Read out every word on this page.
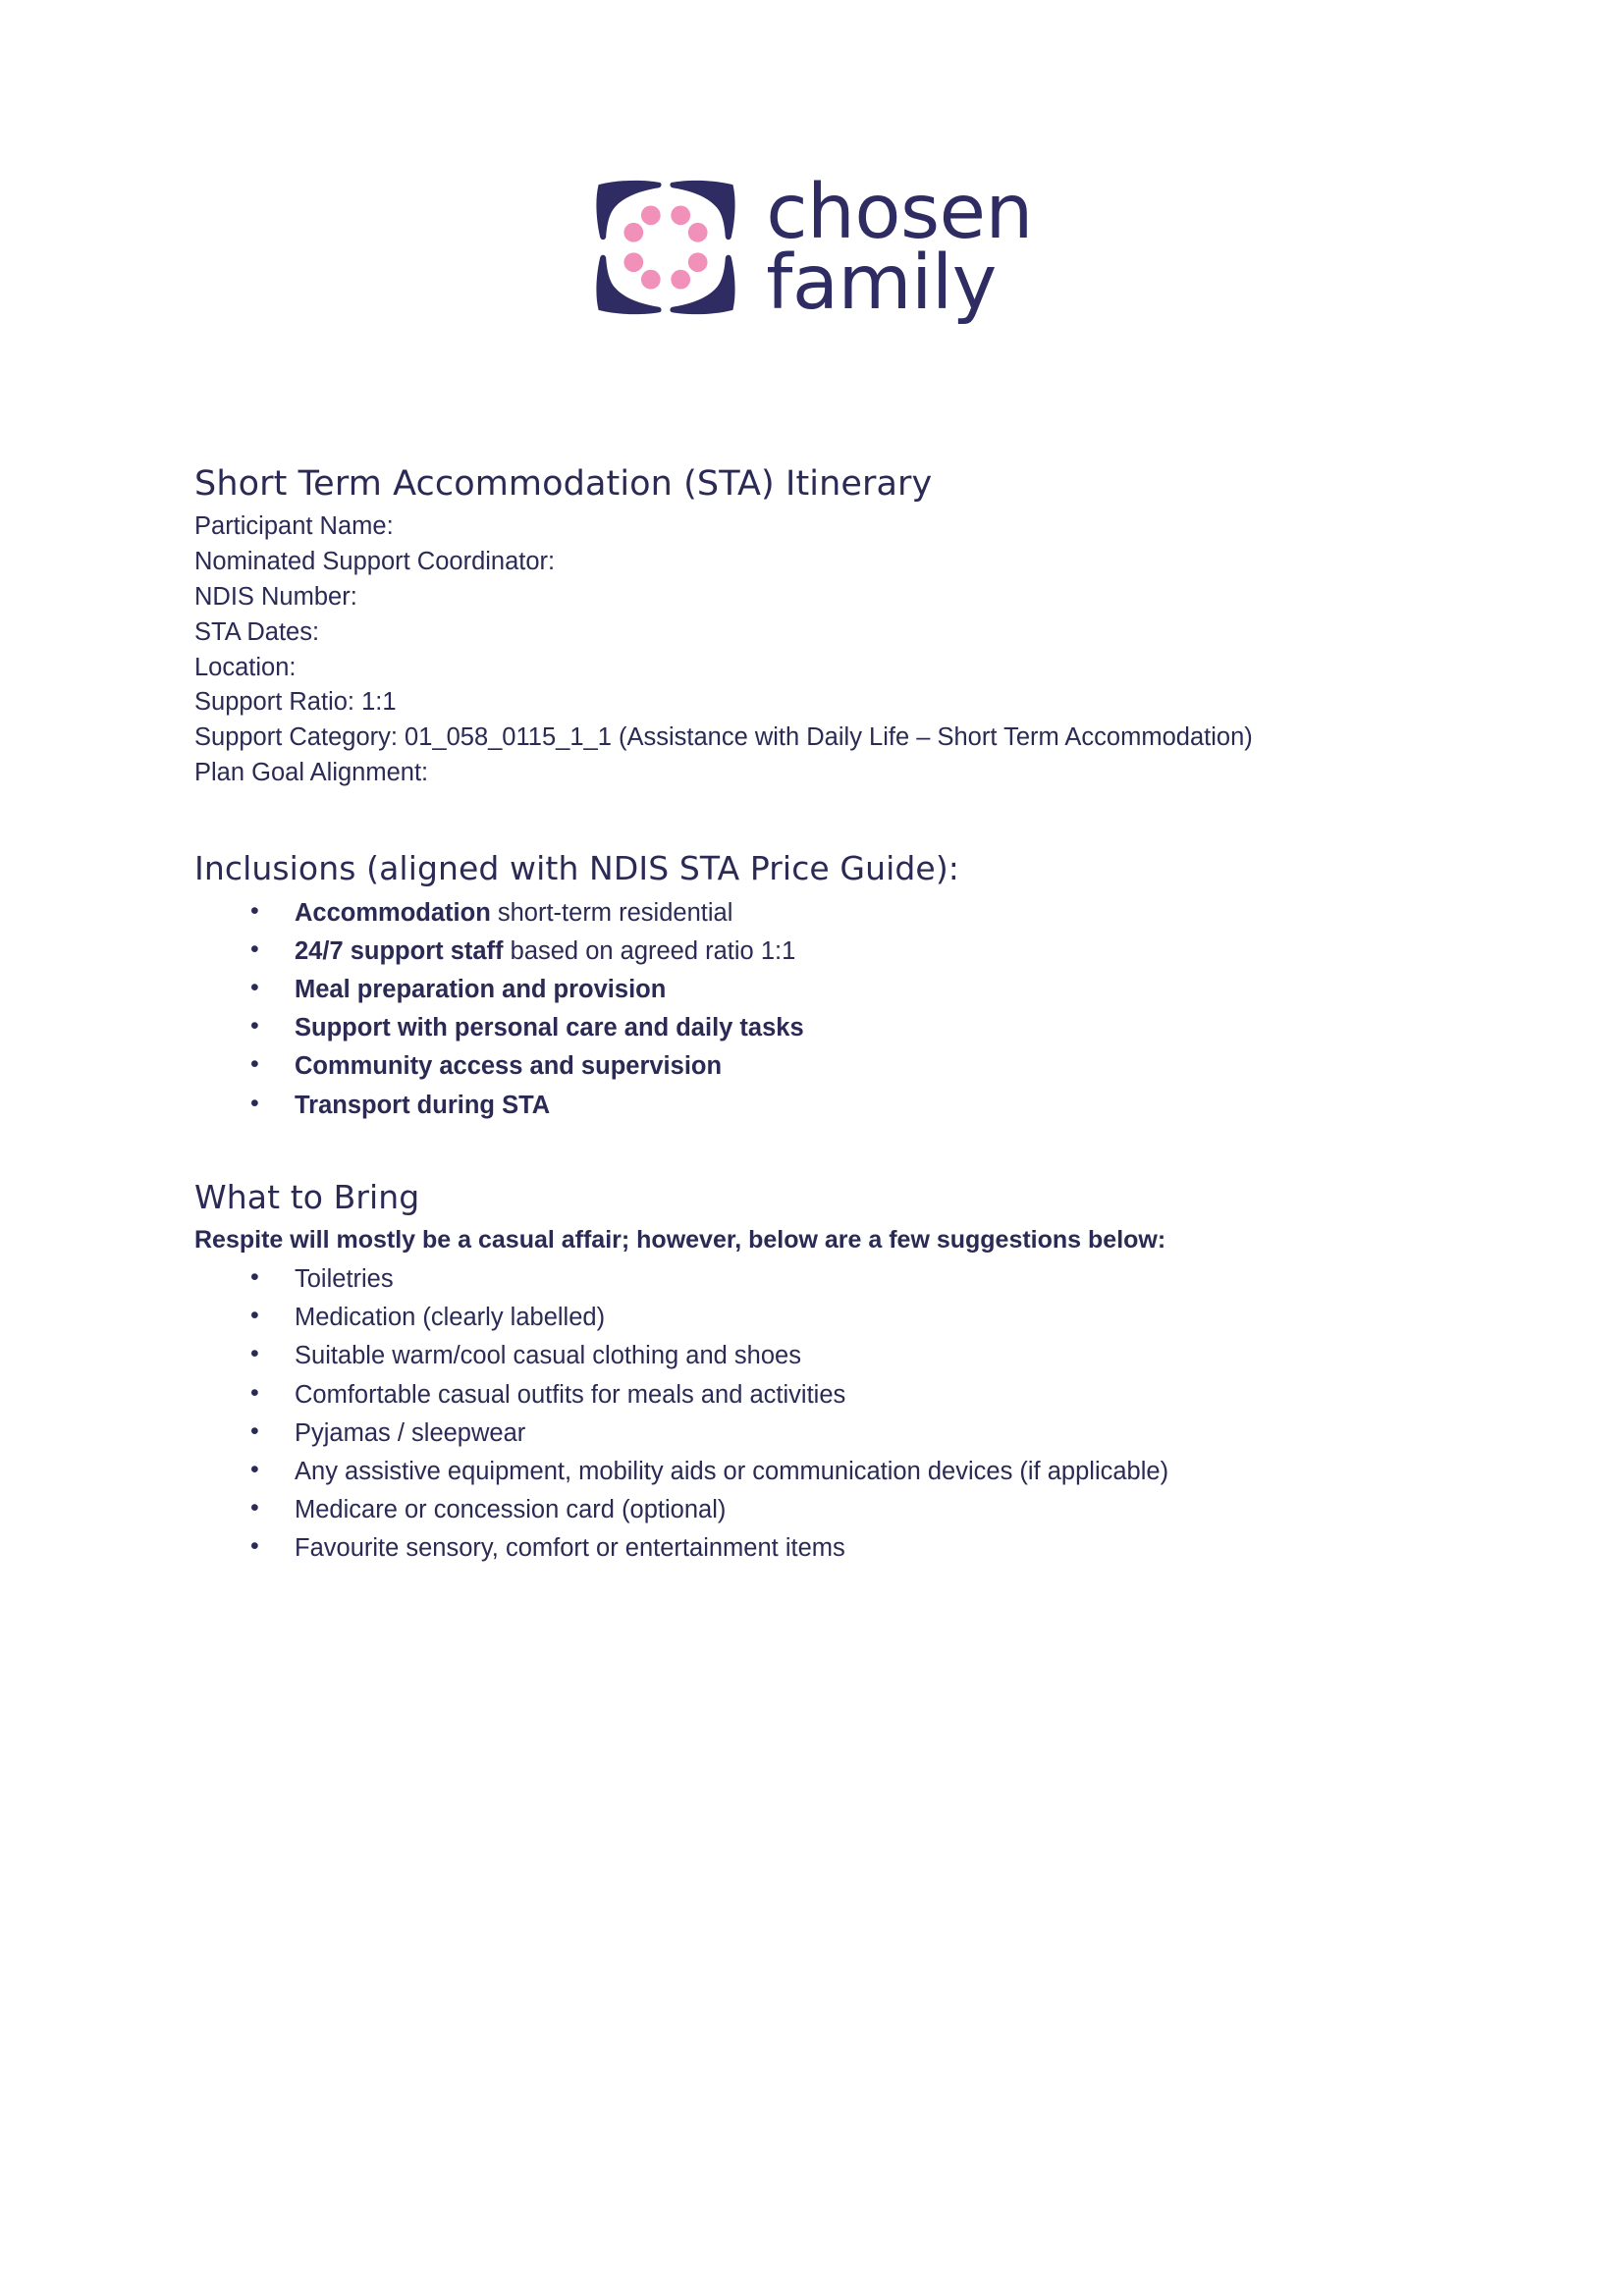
chosen
family
Short Term Accommodation (STA) Itinerary

Participant Name:

Nominated Support Coordinator:

NDIS Number:

STA Dates:

Location:

Support Ratio: 1:1

Support Category: 01_058_0115_1_1 (Assistance with Daily Life – Short Term Accommodation)

Plan Goal Alignment:

Inclusions (aligned with NDIS STA Price Guide):
• Accommodation short-term residential
• 24/7 support staff based on agreed ratio 1:1
• Meal preparation and provision
• Support with personal care and daily tasks
• Community access and supervision
• Transport during STA
What to Bring

Respite will mostly be a casual affair; however, below are a few suggestions below:

• Toiletries
• Medication (clearly labelled)
• Suitable warm/cool casual clothing and shoes
• Comfortable casual outfits for meals and activities
• Pyjamas / sleepwear
• Any assistive equipment, mobility aids or communication devices (if applicable)
• Medicare or concession card (optional)
• Favourite sensory, comfort or entertainment items
